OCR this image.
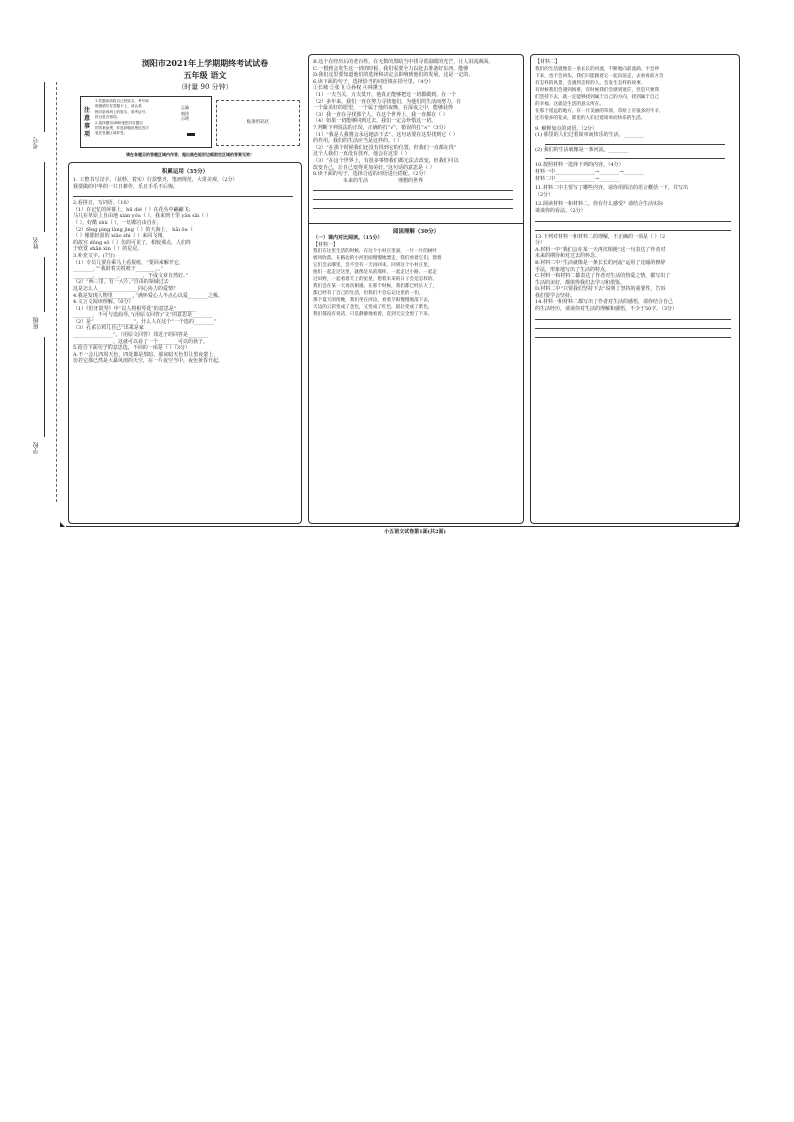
考号
姓名
班级
学校
浏阳市2021年上学期期终考试试卷
五年级 语文
（时量 90 分钟）
注
意
事
项
1.答题前请将自己的姓名、考号和
班级填写在答题卡上，请认真
核对条形码上的姓名、准考证号、
科目是否相同。
2.选择题用2B铅笔把对应题目
的答案涂黑，非选择题用黑色签字
笔在答题区域作答。
正确
填涂
示例
贴条形码区
请在各题目的答题区域内作答，超出黑色矩形边框限定区域的答案无效！
积累运用（35分）
1. 工整书写汉字。（获秒、着实）行款整齐，笔画规范，大常美观。（2分）
我要做的中华的一只日耕作，乐且手乐不后悔。
2.看拼音，写词语。（10）
（1）在记忆的屏幕上，hū dié（ ）在花丛中翩翩飞；
马儿在草原上自由地 xián yóu（ ），我来到千里 yǎn sāi（ ）
（ ），好酷 shù（ ），一切都自由自在。
（2）fēng pìng làng jìng（ ）的大海上， hǎi ōu（
（ ）像那轻盈的 xiǎo zhì（ ）来回飞翔，
的故宫 dǒng sǒ（ ）仿的可见了，相较那点，人们终
于欣赏 shǎn xìn（ ）的星星。
3.补充文字。(7分)
（1）专员儿要在乘马上看报纸，“要回来解开它，
________，”“我鼓着尖锐哨子________，。”
________，________，________，不成文章自然好。”
（2）“两三里，有一大片。”自由的领域过去
这是怎么人________________同心协力的爱情？
4.我是发现人物里________，”满怀爱心人半点心以爱________之极。
4.文言文阅读理解。（6分）
（1）《伯牙鼓琴》中“以人将相琴选”的意思是“________
________，不可与选曲琴。”(用原文回答)“文”的意思是________
（2）是“________________”。什么人在这个“一个选的________”
（3）孔雀公鸡儿自己“出来是家
________________”。（用原文回答）邻近子的回答是________
________________。这就可以看了一个________可以的孩子。
5.给合下面句子的意思选，不同的一项是（ ）（3分）
A.不一会儿四周天色，四处都是黑暗，那灰暗天色里让黑夜蒙上，
仿若它那已然是大暴风雨的天空，在一片夜空当中，夜色黄昏升起。
B.这个在经历后的老百姓，在无数的黑暗当中找寻着温暖的光芒，让人泪流满面。
C.一想到会发生这一切的时候，我们需要全力以赴去准备好东西，能够
D.我们这里要知道他们的选择和决定会影响到他们的发展，这是一定的。
6.读下面的句子，选择恰当的词语填在括号里。（4分）
①长城 ②张飞 ③孙权 ④林黛玉
（1）一夫当关，万夫莫开，他真正能够把这一切都做到，在一个
（2）多年来，我们一直在努力寻找他们，为他们的生活而努力，有
一个最美好的愿望，一个属于他的夜晚，在深夜之中，能够获得
（3）我一直在寻找那个人，在这个世界上，我一直都在（ ）
（4）如果一切能够回到过去，我们一定会珍惜这一切。
7.判断下列说法的正误，正确的打“√”，错误的打“×”（3分）
（1）“我是人我将会永远地活下去”，这句话要在这里找到它（ ）
的作用，我们的生活应当是这样的。（ ）
（2）“在那个时候我们还没有找到它的位置，但我们一直都在找”
这个人我们一直没有放弃，他会在这里（ ）
（3）“在这个世界上，有很多事情我们都无法去改变，但我们可以
改变自己，让自己变得更加美好。”这句话的意思是（ ）
8.读下面的句子，选择合适的词语进行搭配。（2分）
未来的生活	理想的世界
阅读理解（30分）
（一）课内对比阅读。（15分）
【材料一】
我们在这里生活的时候，在这个小村庄里面，一片一片的树叶
被风吹落，在路边的小河里面慢慢地漂走，我们看着它们，想着
它们会去哪里，会不会有一天再回来，回到这个小村庄里。
他们一起走过这里，就像是从前那样，一起走过小路，一起走
过田野，一起看着天上的星星，想着未来的日子会是怎样的。
我们会在某一天再次相遇，在那个时候，我们都已经长大了，
都已经有了自己的生活，但我们不会忘记这里的一切。
那个夏天的傍晚，我们坐在河边，看着夕阳慢慢地落下去，
天边的云彩变成了金色，又变成了红色，最后变成了紫色，
我们都没有说话，只是静静地看着，直到天完全黑了下来。
【材料二】
我们的生活就像是一条长长的河流，不断地向前流淌，不会停
下来，也不会回头，我们只能跟着它一起向前走，去看看前方会
有怎样的风景，会遇到怎样的人，会发生怎样的故事。
有时候我们会遇到困难，有时候我们会感到迷茫，但是只要我
们坚持下去，就一定能够找到属于自己的方向，找到属于自己
的幸福，这就是生活的意义所在。
在那个遥远的地方，有一片美丽的草原，草原上有很多的牛羊，
还有很多的花朵，那里的人们过着简单而快乐的生活。
9. 解释加点的词语。（2分）
(1) 那里的人们过着简单而快乐的生活，________
(2) 我们的生活就像是一条河流。________
10.按照材料一选择下列的内容。（4分）
材料一中________________→________→________
材料二中________________→________
11.材料二中主要写了哪些内容，请你用简洁的语言概括一下，并写出
（2分）
12.阅读材料一和材料二，你有什么感受？请结合生活实际
谈谈你的看法。（2分）
13.下列对材料一和材料二的理解，不正确的一项是（ ）（2
分）
A.材料一中“我们会在某一天再次相遇”这一句表达了作者对
未来的期待和对过去的怀念。
B.材料二中“生活就像是一条长长的河流”运用了比喻的修辞
手法，形象地写出了生活的特点。
C.材料一和材料二都表达了作者对生活的热爱之情，都写出了
生活的美好，都值得我们去学习和借鉴。
D.材料二中“只要我们坚持下去”说明了坚持的重要性，告诉
我们要学会坚持。
14.材料一和材料二都写出了作者对生活的感悟，请你结合自己
的生活经历，谈谈你对生活的理解和感悟，不少于50字。（3分）
小五语文试卷第1面(共2面)
